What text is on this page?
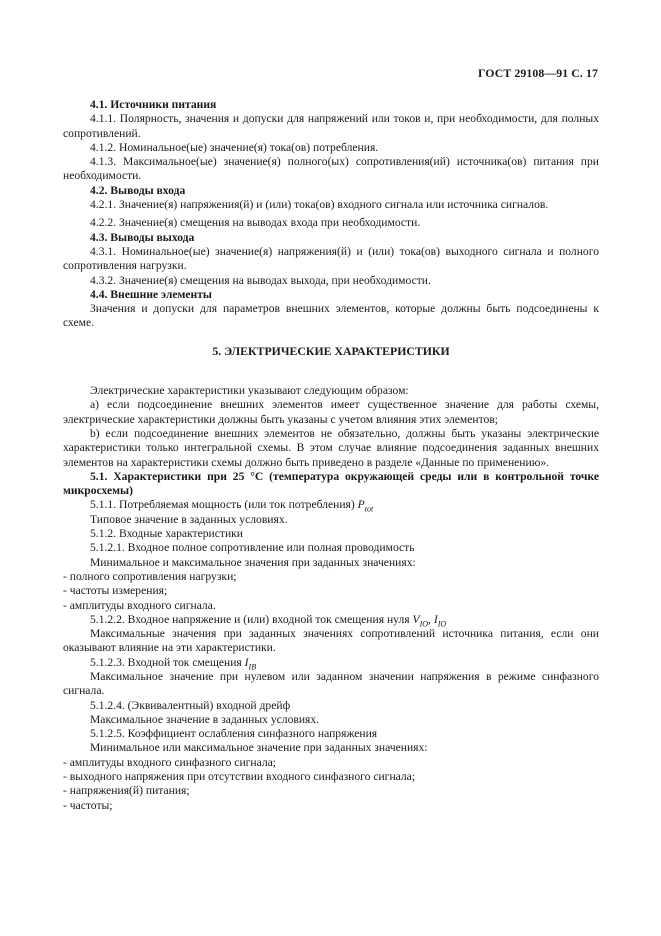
ГОСТ 29108—91 С. 17

4.1. Источники питания

4.1.1. Полярность, значения и допуски для напряжений или токов и, при необходимости, для полных сопротивлений.

4.1.2. Номинальное(ые) значение(я) тока(ов) потребления.

4.1.3. Максимальное(ые) значение(я) полного(ых) сопротивления(ий) источника(ов) питания при необходимости.

4.2. Выводы входа

4.2.1. Значение(я) напряжения(й) и (или) тока(ов) входного сигнала или источника сигналов.

4.2.2. Значение(я) смещения на выводах входа при необходимости.

4.3. Выводы выхода

4.3.1. Номинальное(ые) значение(я) напряжения(й) и (или) тока(ов) выходного сигнала и полного сопротивления нагрузки.

4.3.2. Значение(я) смещения на выводах выхода, при необходимости.

4.4. Внешние элементы

Значения и допуски для параметров внешних элементов, которые должны быть подсоединены к схеме.

5. ЭЛЕКТРИЧЕСКИЕ ХАРАКТЕРИСТИКИ

Электрические характеристики указывают следующим образом:

а) если подсоединение внешних элементов имеет существенное значение для работы схемы, электрические характеристики должны быть указаны с учетом влияния этих элементов;

b) если подсоединение внешних элементов не обязательно, должны быть указаны электрические характеристики только интегральной схемы. В этом случае влияние подсоединения заданных внешних элементов на характеристики схемы должно быть приведено в разделе «Данные по применению».

5.1. Характеристики при 25 °С (температура окружающей среды или в контрольной точке микросхемы)

5.1.1. Потребляемая мощность (или ток потребления) $P_{tot}$

Типовое значение в заданных условиях.

5.1.2. Входные характеристики

5.1.2.1. Входное полное сопротивление или полная проводимость

Минимальное и максимальное значения при заданных значениях:

- полного сопротивления нагрузки;

- частоты измерения;

- амплитуды входного сигнала.

5.1.2.2. Входное напряжение и (или) входной ток смещения нуля $V_{IO}$, $I_{IO}$

Максимальные значения при заданных значениях сопротивлений источника питания, если они оказывают влияние на эти характеристики.

5.1.2.3. Входной ток смещения $I_{IB}$

Максимальное значение при нулевом или заданном значении напряжения в режиме синфазного сигнала.

5.1.2.4. (Эквивалентный) входной дрейф

Максимальное значение в заданных условиях.

5.1.2.5. Коэффициент ослабления синфазного напряжения

Минимальное или максимальное значение при заданных значениях:

- амплитуды входного синфазного сигнала;

- выходного напряжения при отсутствии входного синфазного сигнала;

- напряжения(й) питания;

- частоты;
